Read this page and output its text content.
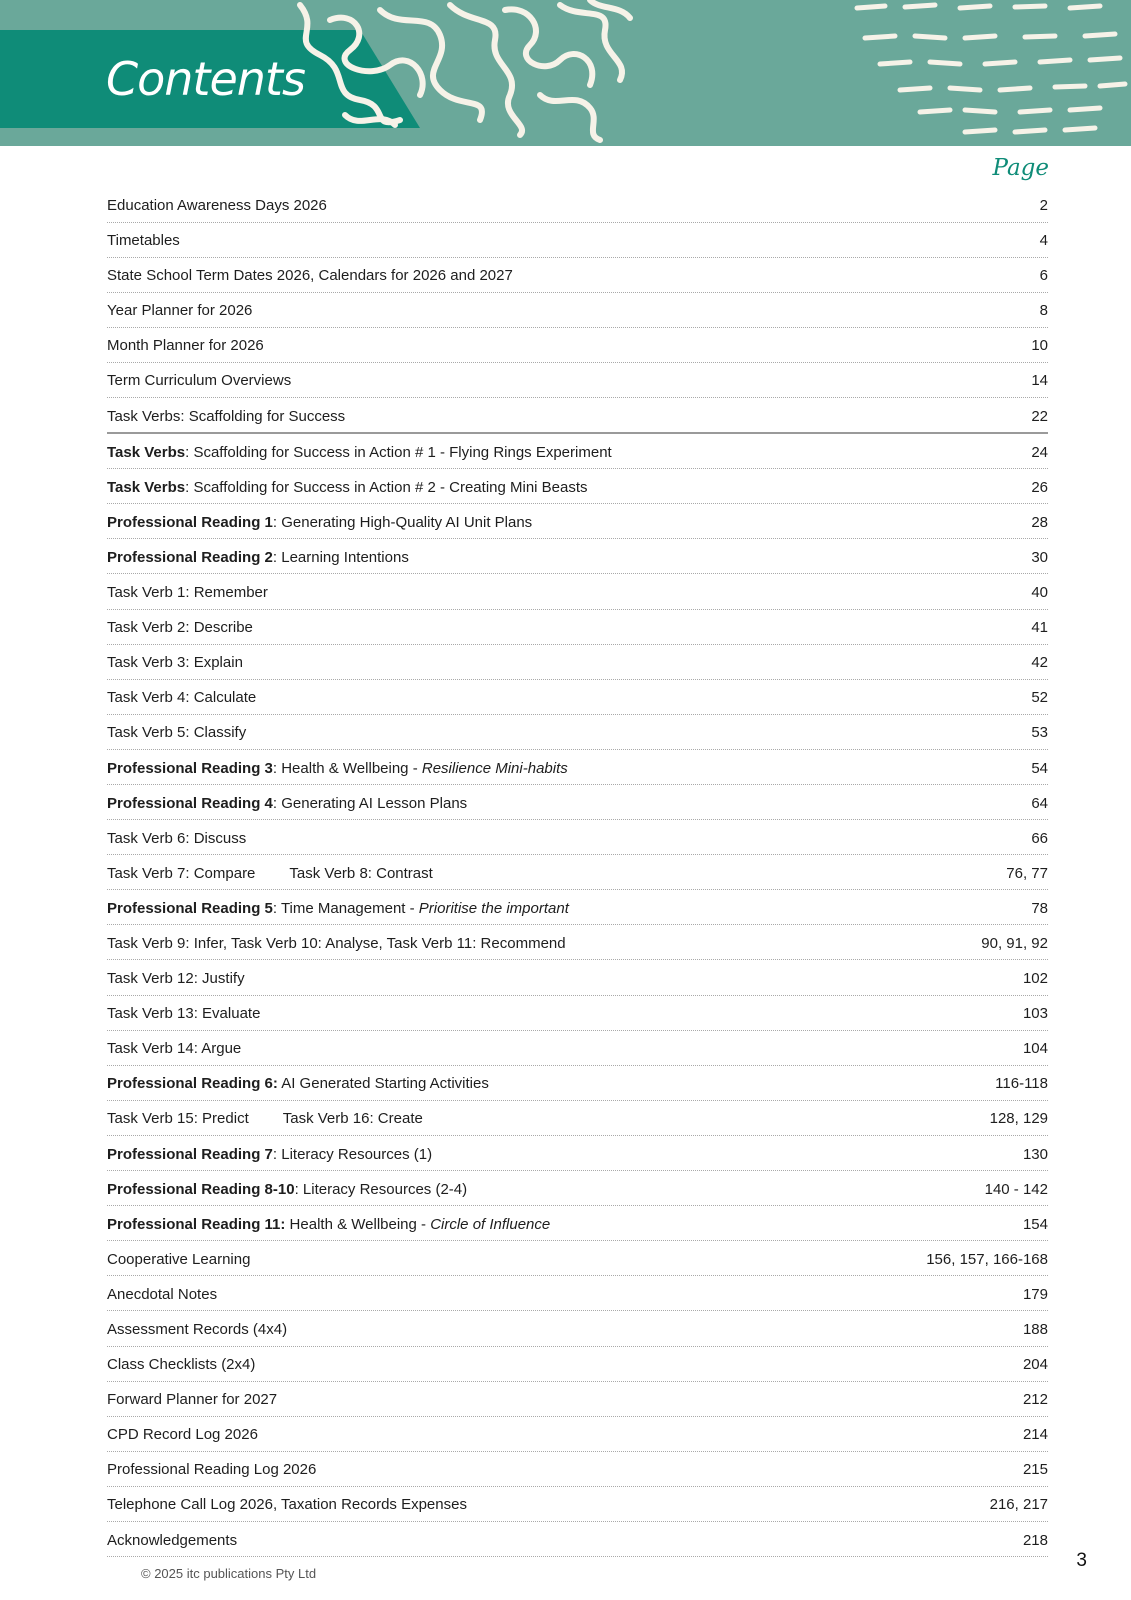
Contents
Page
Education Awareness Days 2026	2
Timetables	4
State School Term Dates 2026, Calendars for 2026 and 2027	6
Year Planner for 2026	8
Month Planner for 2026	10
Term Curriculum Overviews	14
Task Verbs: Scaffolding for Success	22
Task Verbs: Scaffolding for Success in Action # 1 - Flying Rings Experiment	24
Task Verbs: Scaffolding for Success in Action # 2 - Creating Mini Beasts	26
Professional Reading 1: Generating High-Quality AI Unit Plans	28
Professional Reading 2: Learning Intentions	30
Task Verb 1: Remember	40
Task Verb 2: Describe	41
Task Verb 3: Explain	42
Task Verb 4: Calculate	52
Task Verb 5: Classify	53
Professional Reading 3: Health & Wellbeing - Resilience Mini-habits	54
Professional Reading 4: Generating AI Lesson Plans	64
Task Verb 6: Discuss	66
Task Verb 7: Compare Task Verb 8: Contrast	76, 77
Professional Reading 5: Time Management - Prioritise the important	78
Task Verb 9: Infer, Task Verb 10: Analyse, Task Verb 11: Recommend	90, 91, 92
Task Verb 12: Justify	102
Task Verb 13: Evaluate	103
Task Verb 14: Argue	104
Professional Reading 6: AI Generated Starting Activities	116-118
Task Verb 15: Predict Task Verb 16: Create	128, 129
Professional Reading 7: Literacy Resources (1)	130
Professional Reading 8-10: Literacy Resources (2-4)	140 - 142
Professional Reading 11: Health & Wellbeing - Circle of Influence	154
Cooperative Learning	156, 157, 166-168
Anecdotal Notes	179
Assessment Records (4x4)	188
Class Checklists (2x4)	204
Forward Planner for 2027	212
CPD Record Log 2026	214
Professional Reading Log 2026	215
Telephone Call Log 2026, Taxation Records Expenses	216, 217
Acknowledgements	218
© 2025 itc publications Pty Ltd
3
